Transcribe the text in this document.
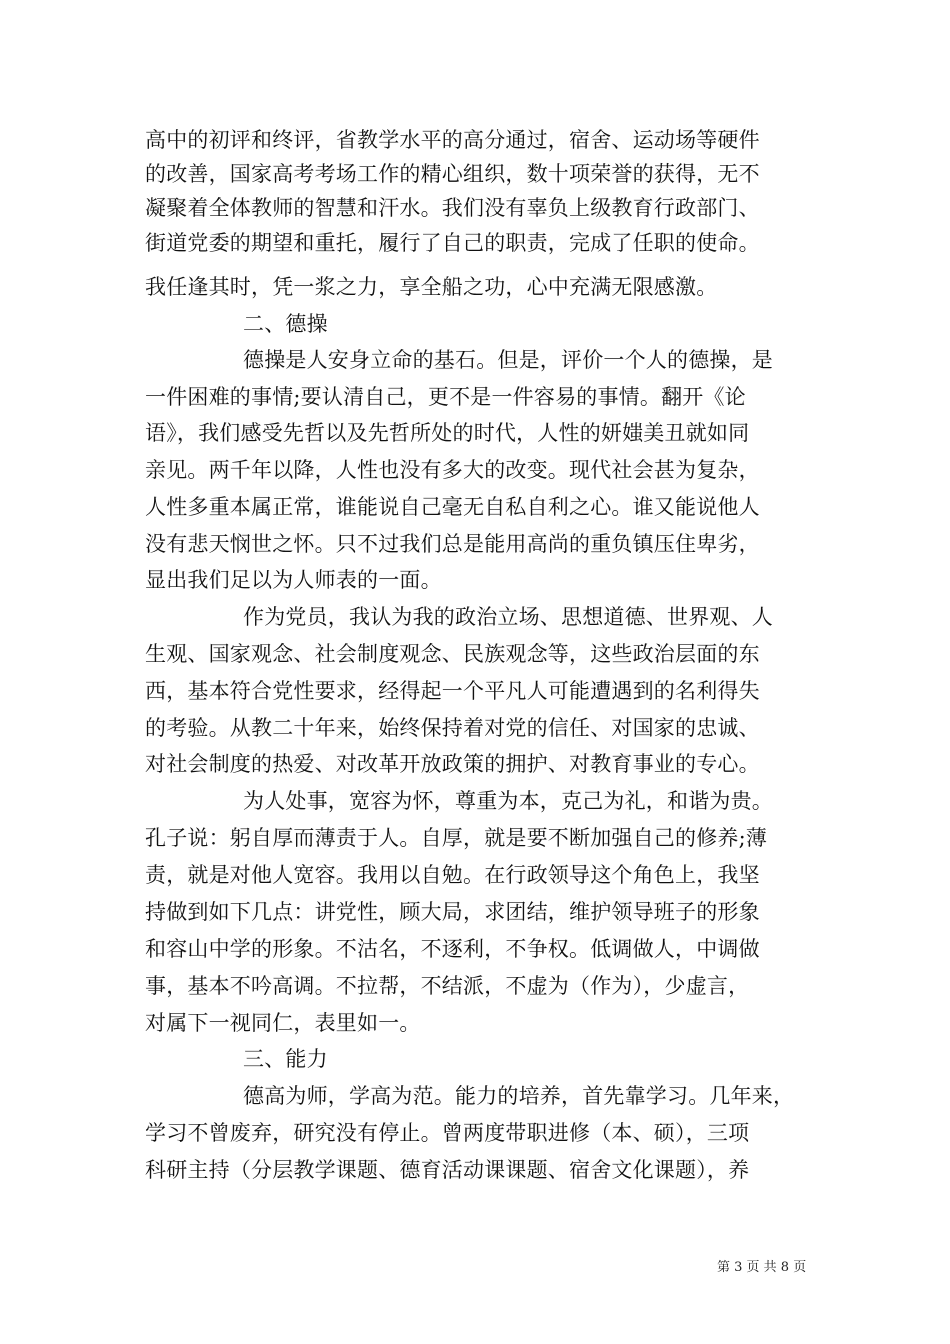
高中的初评和终评，省教学水平的高分通过，宿舍、运动场等硬件
的改善，国家高考考场工作的精心组织，数十项荣誉的获得，无不
凝聚着全体教师的智慧和汗水。我们没有辜负上级教育行政部门、
街道党委的期望和重托，履行了自己的职责，完成了任职的使命。
我任逢其时，凭一浆之力，享全船之功，心中充满无限感激。
二、德操
德操是人安身立命的基石。但是，评价一个人的德操，是
一件困难的事情;要认清自己，更不是一件容易的事情。翻开《论
语》，我们感受先哲以及先哲所处的时代，人性的妍媸美丑就如同
亲见。两千年以降，人性也没有多大的改变。现代社会甚为复杂，
人性多重本属正常，谁能说自己毫无自私自利之心。谁又能说他人
没有悲天悯世之怀。只不过我们总是能用高尚的重负镇压住卑劣，
显出我们足以为人师表的一面。
作为党员，我认为我的政治立场、思想道德、世界观、人
生观、国家观念、社会制度观念、民族观念等，这些政治层面的东
西，基本符合党性要求，经得起一个平凡人可能遭遇到的名利得失
的考验。从教二十年来，始终保持着对党的信任、对国家的忠诚、
对社会制度的热爱、对改革开放政策的拥护、对教育事业的专心。
为人处事，宽容为怀，尊重为本，克己为礼，和谐为贵。
孔子说：躬自厚而薄责于人。自厚，就是要不断加强自己的修养;薄
责，就是对他人宽容。我用以自勉。在行政领导这个角色上，我坚
持做到如下几点：讲党性，顾大局，求团结，维护领导班子的形象
和容山中学的形象。不沽名，不逐利，不争权。低调做人，中调做
事，基本不吟高调。不拉帮，不结派，不虚为（作为），少虚言，
对属下一视同仁，表里如一。
三、能力
德高为师，学高为范。能力的培养，首先靠学习。几年来，
学习不曾废弃，研究没有停止。曾两度带职进修（本、硕），三项
科研主持（分层教学课题、德育活动课课题、宿舍文化课题），养
第 3 页 共 8 页
